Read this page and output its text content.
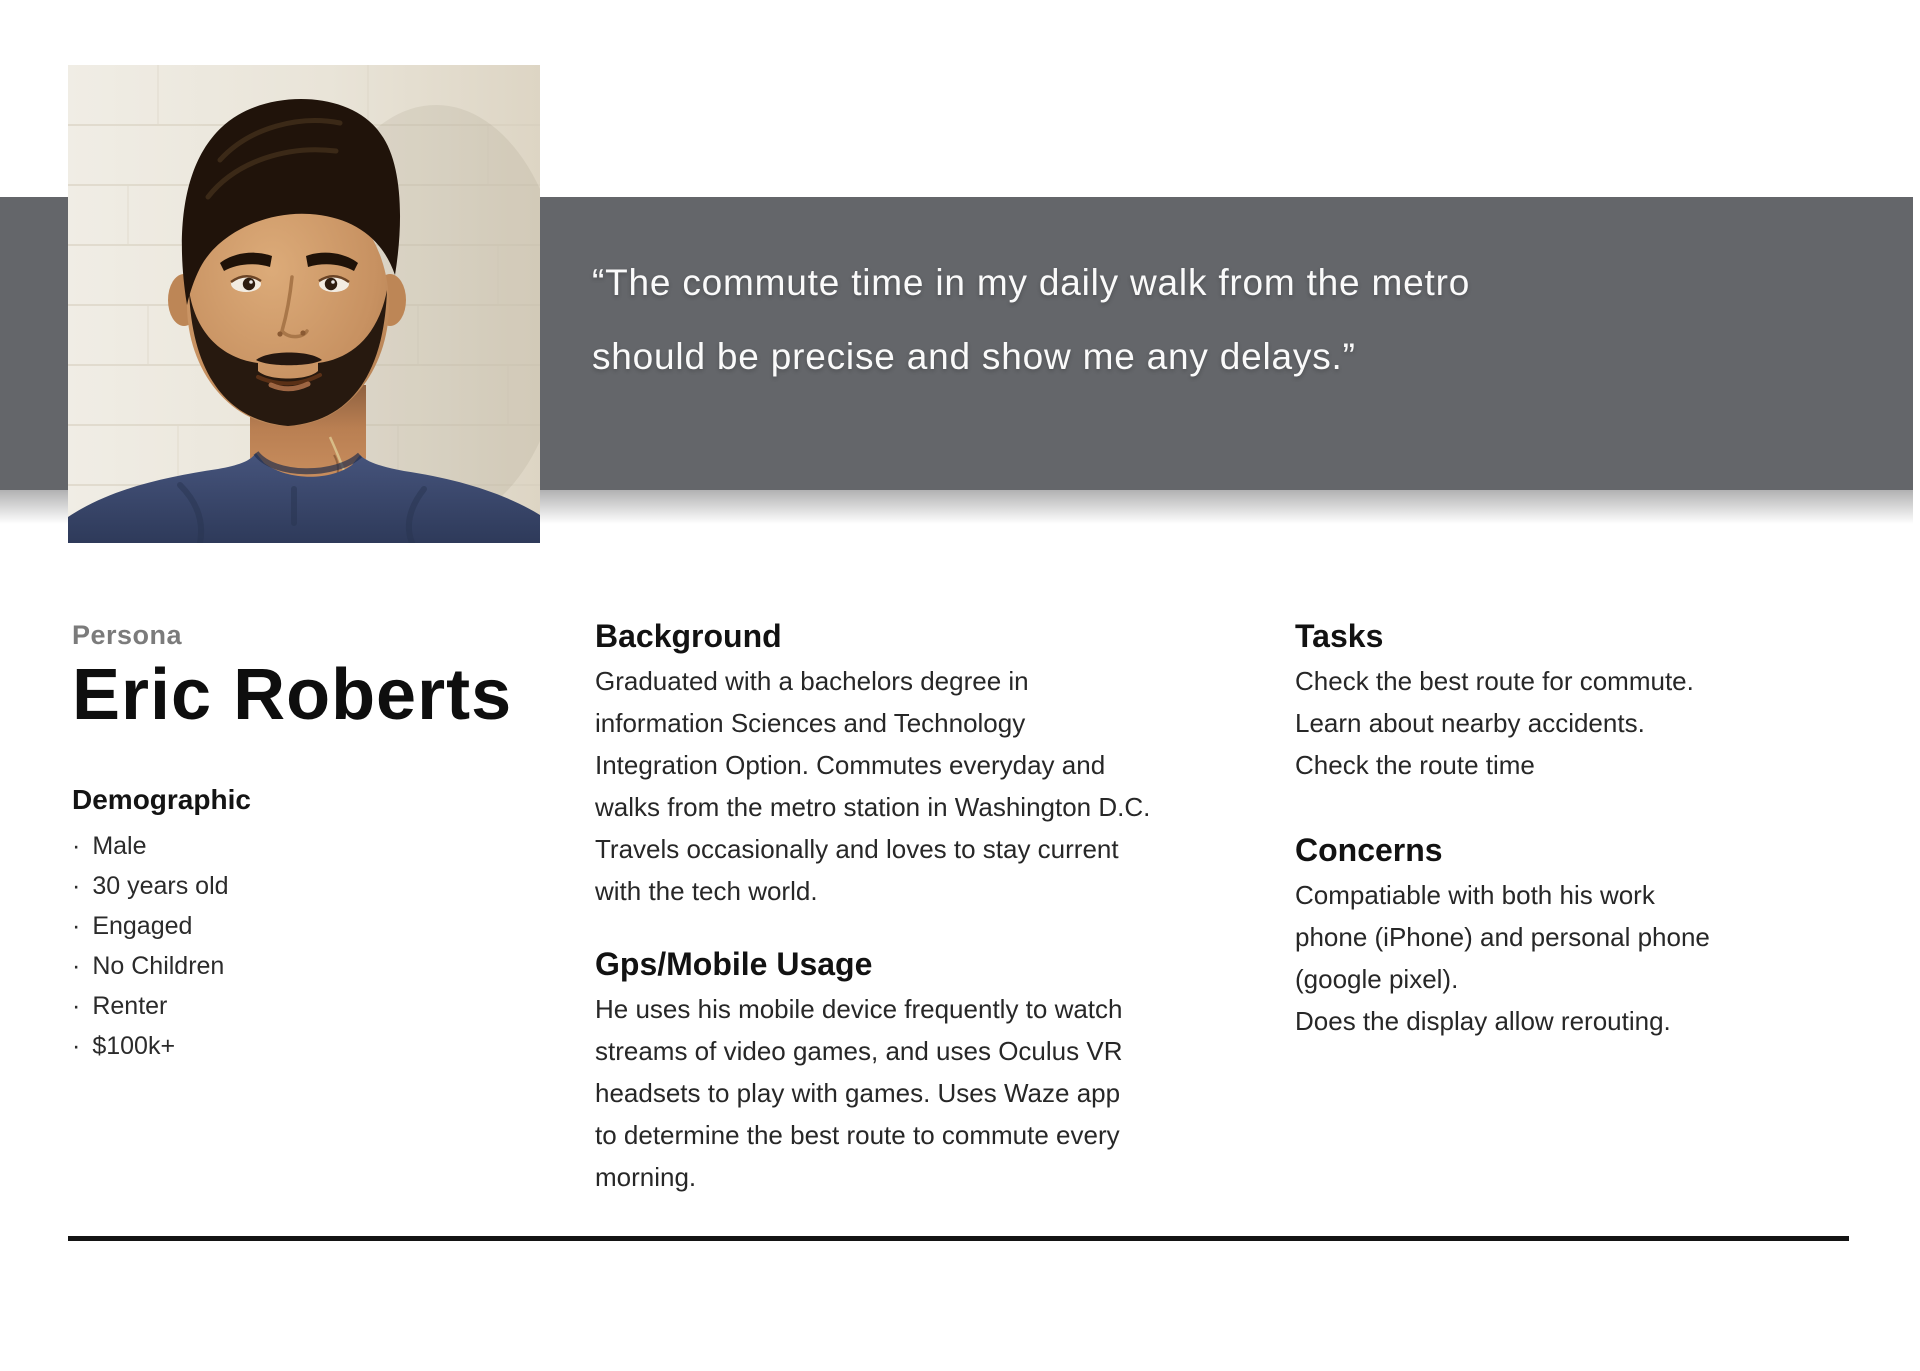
“The commute time in my daily walk from the metro
should be precise and show me any delays.”
Persona
Eric Roberts
Demographic
· Male
· 30 years old
· Engaged
· No Children
· Renter
· $100k+
Background
Graduated with a bachelors degree in
information Sciences and Technology
Integration Option. Commutes everyday and
walks from the metro station in Washington D.C.
Travels occasionally and loves to stay current
with the tech world.
Gps/Mobile Usage
He uses his mobile device frequently to watch
streams of video games, and uses Oculus VR
headsets to play with games. Uses Waze app
to determine the best route to commute every
morning.
Tasks
Check the best route for commute.
Learn about nearby accidents.
Check the route time
Concerns
Compatiable with both his work
phone (iPhone) and personal phone
(google pixel).
Does the display allow rerouting.
